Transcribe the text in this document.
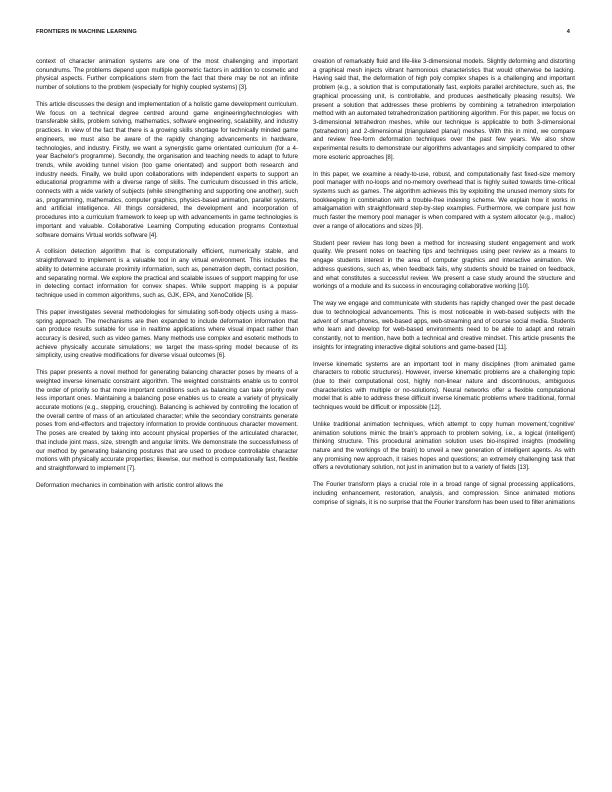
FRONTIERS IN MACHINE LEARNING	4

context of character animation systems are one of the most challenging and important conundrums. The problems depend upon multiple geometric factors in addition to cosmetic and physical aspects. Further complications stem from the fact that there may be not an infinite number of solutions to the problem (especially for highly coupled systems) [3].

This article discusses the design and implementation of a holistic game development curriculum. We focus on a technical degree centred around game engineering/technologies with transferable skills, problem solving, mathematics, software engineering, scalability, and industry practices. In view of the fact that there is a growing skills shortage for technically minded game engineers, we must also be aware of the rapidly changing advancements in hardware, technologies, and industry. Firstly, we want a synergistic game orientated curriculum (for a 4-year Bachelor's programme). Secondly, the organisation and teaching needs to adapt to future trends, while avoiding tunnel vision (too game orientated) and support both research and industry needs. Finally, we build upon collaborations with independent experts to support an educational programme with a diverse range of skills. The curriculum discussed in this article, connects with a wide variety of subjects (while strengthening and supporting one another), such as, programming, mathematics, computer graphics, physics-based animation, parallel systems, and artificial intelligence. All things considered, the development and incorporation of procedures into a curriculum framework to keep up with advancements in game technologies is important and valuable. Collaborative Learning Computing education programs Contextual software domains Virtual worlds software [4].

A collision detection algorithm that is computationally efficient, numerically stable, and straightforward to implement is a valuable tool in any virtual environment. This includes the ability to determine accurate proximity information, such as, penetration depth, contact position, and separating normal. We explore the practical and scalable issues of support mapping for use in detecting contact information for convex shapes. While support mapping is a popular technique used in common algorithms, such as, GJK, EPA, and XenoCollide [5].

This paper investigates several methodologies for simulating soft-body objects using a mass- spring approach. The mechanisms are then expanded to include deformation information that can produce results suitable for use in realtime applications where visual impact rather than accuracy is desired, such as video games. Many methods use complex and esoteric methods to achieve physically accurate simulations; we target the mass-spring model because of its simplicity, using creative modifications for diverse visual outcomes [6].

This paper presents a novel method for generating balancing character poses by means of a weighted inverse kinematic constraint algorithm. The weighted constraints enable us to control the order of priority so that more important conditions such as balancing can take priority over less important ones. Maintaining a balancing pose enables us to create a variety of physically accurate motions (e.g., stepping, crouching). Balancing is achieved by controlling the location of the overall centre of mass of an articulated character; while the secondary constraints generate poses from end-effectors and trajectory information to provide continuous character movement. The poses are created by taking into account physical properties of the articulated character, that include joint mass, size, strength and angular limits. We demonstrate the successfulness of our method by generating balancing postures that are used to produce controllable character motions with physically accurate properties; likewise, our method is computationally fast, flexible and straightforward to implement [7].

Deformation mechanics in combination with artistic control allows the

creation of remarkably fluid and life-like 3-dimensional models. Slightly deforming and distorting a graphical mesh injects vibrant harmonious characteristics that would otherwise be lacking. Having said that, the deformation of high poly complex shapes is a challenging and important problem (e.g., a solution that is computationally fast, exploits parallel architecture, such as, the graphical processing unit, is controllable, and produces aesthetically pleasing results). We present a solution that addresses these problems by combining a tetrahedron interpolation method with an automated tetrahedronization partitioning algorithm. For this paper, we focus on 3-dimensional tetrahedron meshes, while our technique is applicable to both 3-dimensional (tetrahedron) and 2-dimensional (triangulated planar) meshes. With this in mind, we compare and review free-form deformation techniques over the past few years. We also show experimental results to demonstrate our algorithms advantages and simplicity compared to other more esoteric approaches [8].

In this paper, we examine a ready-to-use, robust, and computationally fast fixed-size memory pool manager with no-loops and no-memory overhead that is highly suited towards time-critical systems such as games. The algorithm achieves this by exploiting the unused memory slots for bookkeeping in combination with a trouble-free indexing scheme. We explain how it works in amalgamation with straightforward step-by-step examples. Furthermore, we compare just how much faster the memory pool manager is when compared with a system allocator (e.g., malloc) over a range of allocations and sizes [9].

Student peer review has long been a method for increasing student engagement and work quality. We present notes on teaching tips and techniques using peer review as a means to engage students interest in the area of computer graphics and interactive animation. We address questions, such as, when feedback fails, why students should be trained on feedback, and what constitutes a successful review. We present a case study around the structure and workings of a module and its success in encouraging collaborative working [10].

The way we engage and communicate with students has rapidly changed over the past decade due to technological advancements. This is most noticeable in web-based subjects with the advent of smart-phones, web-based apps, web-streaming and of course social media. Students who learn and develop for web-based environments need to be able to adapt and retrain constantly, not to mention, have both a technical and creative mindset. This article presents the insights for integrating interactive digital solutions and game-based [11].

Inverse kinematic systems are an important tool in many disciplines (from animated game characters to robotic structures). However, inverse kinematic problems are a challenging topic (due to their computational cost, highly non-linear nature and discontinuous, ambiguous characteristics with multiple or no-solutions). Neural networks offer a flexible computational model that is able to address these difficult inverse kinematic problems where traditional, formal techniques would be difficult or impossible [12].

Unlike traditional animation techniques, which attempt to copy human movement,'cognitive' animation solutions mimic the brain's approach to problem solving, i.e., a logical (intelligent) thinking structure. This procedural animation solution uses bio-inspired insights (modelling nature and the workings of the brain) to unveil a new generation of intelligent agents. As with any promising new approach, it raises hopes and questions; an extremely challenging task that offers a revolutionary solution, not just in animation but to a variety of fields [13].

The Fourier transform plays a crucial role in a broad range of signal processing applications, including enhancement, restoration, analysis, and compression. Since animated motions comprise of signals, it is no surprise that the Fourier transform has been used to filter animations
